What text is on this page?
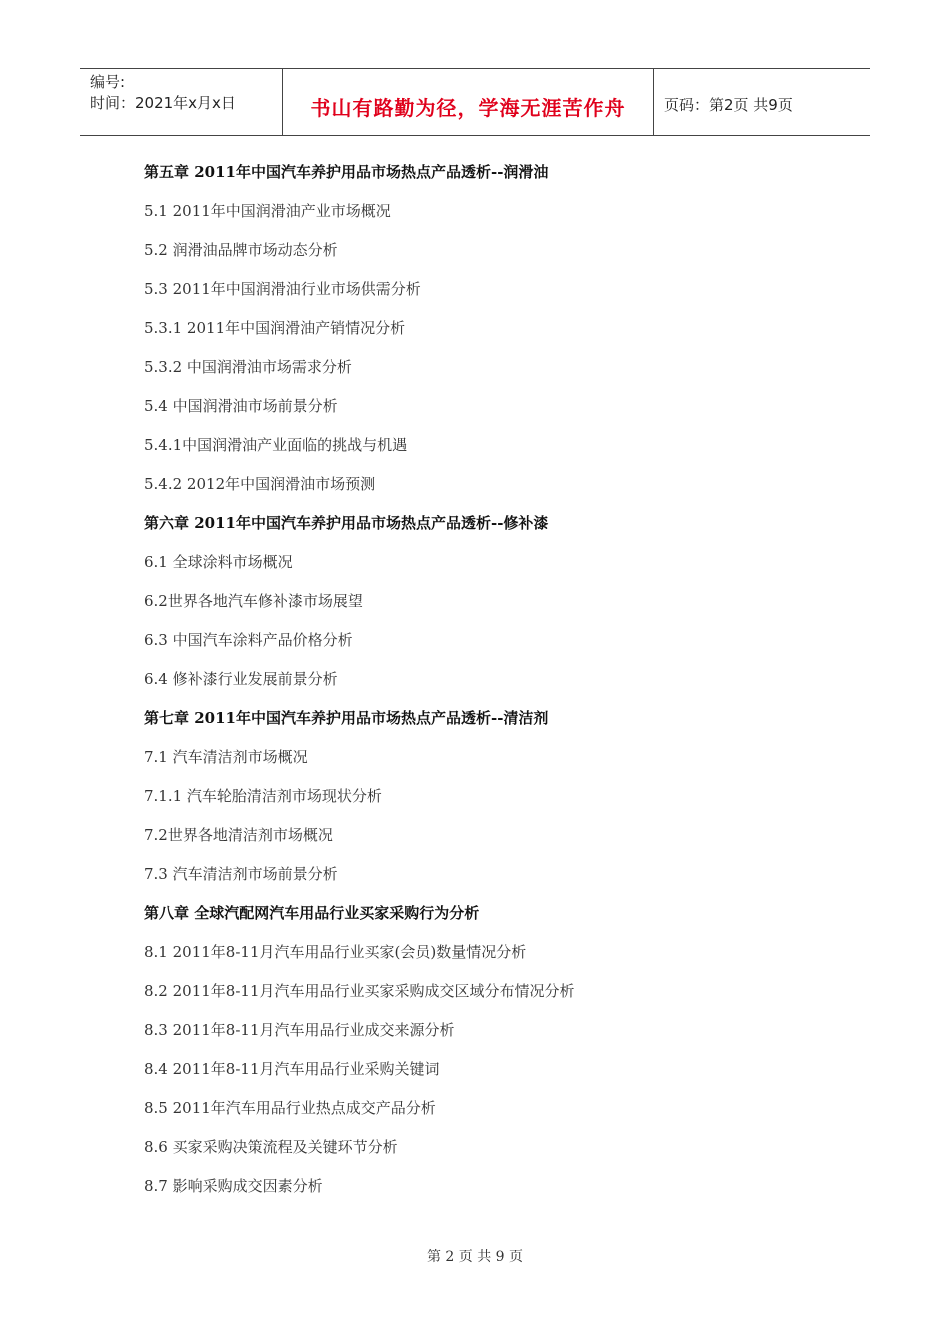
编号:
时间：2021年x月x日	书山有路勤为径，学海无涯苦作舟	页码：第2页 共9页
第五章 2011年中国汽车养护用品市场热点产品透析--润滑油
5.1 2011年中国润滑油产业市场概况
5.2 润滑油品牌市场动态分析
5.3 2011年中国润滑油行业市场供需分析
5.3.1 2011年中国润滑油产销情况分析
5.3.2 中国润滑油市场需求分析
5.4 中国润滑油市场前景分析
5.4.1中国润滑油产业面临的挑战与机遇
5.4.2 2012年中国润滑油市场预测
第六章 2011年中国汽车养护用品市场热点产品透析--修补漆
6.1 全球涂料市场概况
6.2世界各地汽车修补漆市场展望
6.3 中国汽车涂料产品价格分析
6.4 修补漆行业发展前景分析
第七章 2011年中国汽车养护用品市场热点产品透析--清洁剂
7.1 汽车清洁剂市场概况
7.1.1 汽车轮胎清洁剂市场现状分析
7.2世界各地清洁剂市场概况
7.3 汽车清洁剂市场前景分析
第八章 全球汽配网汽车用品行业买家采购行为分析
8.1 2011年8-11月汽车用品行业买家(会员)数量情况分析
8.2 2011年8-11月汽车用品行业买家采购成交区域分布情况分析
8.3 2011年8-11月汽车用品行业成交来源分析
8.4 2011年8-11月汽车用品行业采购关键词
8.5 2011年汽车用品行业热点成交产品分析
8.6 买家采购决策流程及关键环节分析
8.7 影响采购成交因素分析
第 2 页 共 9 页
